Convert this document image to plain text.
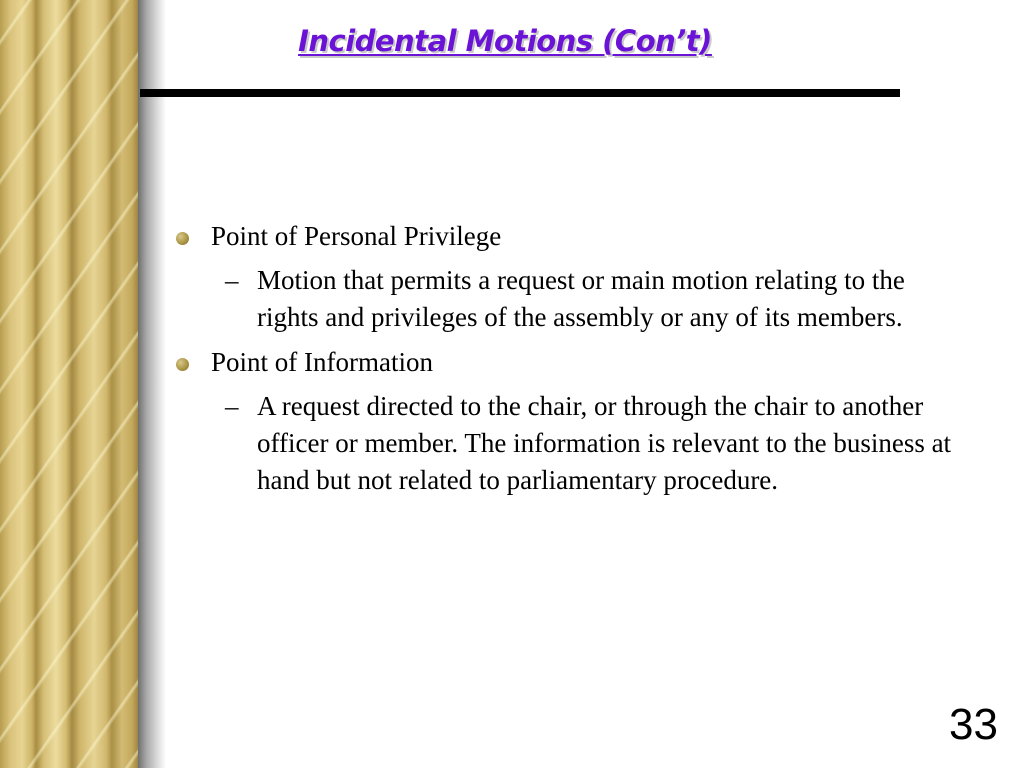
Incidental Motions (Con’t)
Point of Personal Privilege
– Motion that permits a request or main motion relating to the rights and privileges of the assembly or any of its members.
Point of Information
– A request directed to the chair, or through the chair to another officer or member. The information is relevant to the business at hand but not related to parliamentary procedure.
33
